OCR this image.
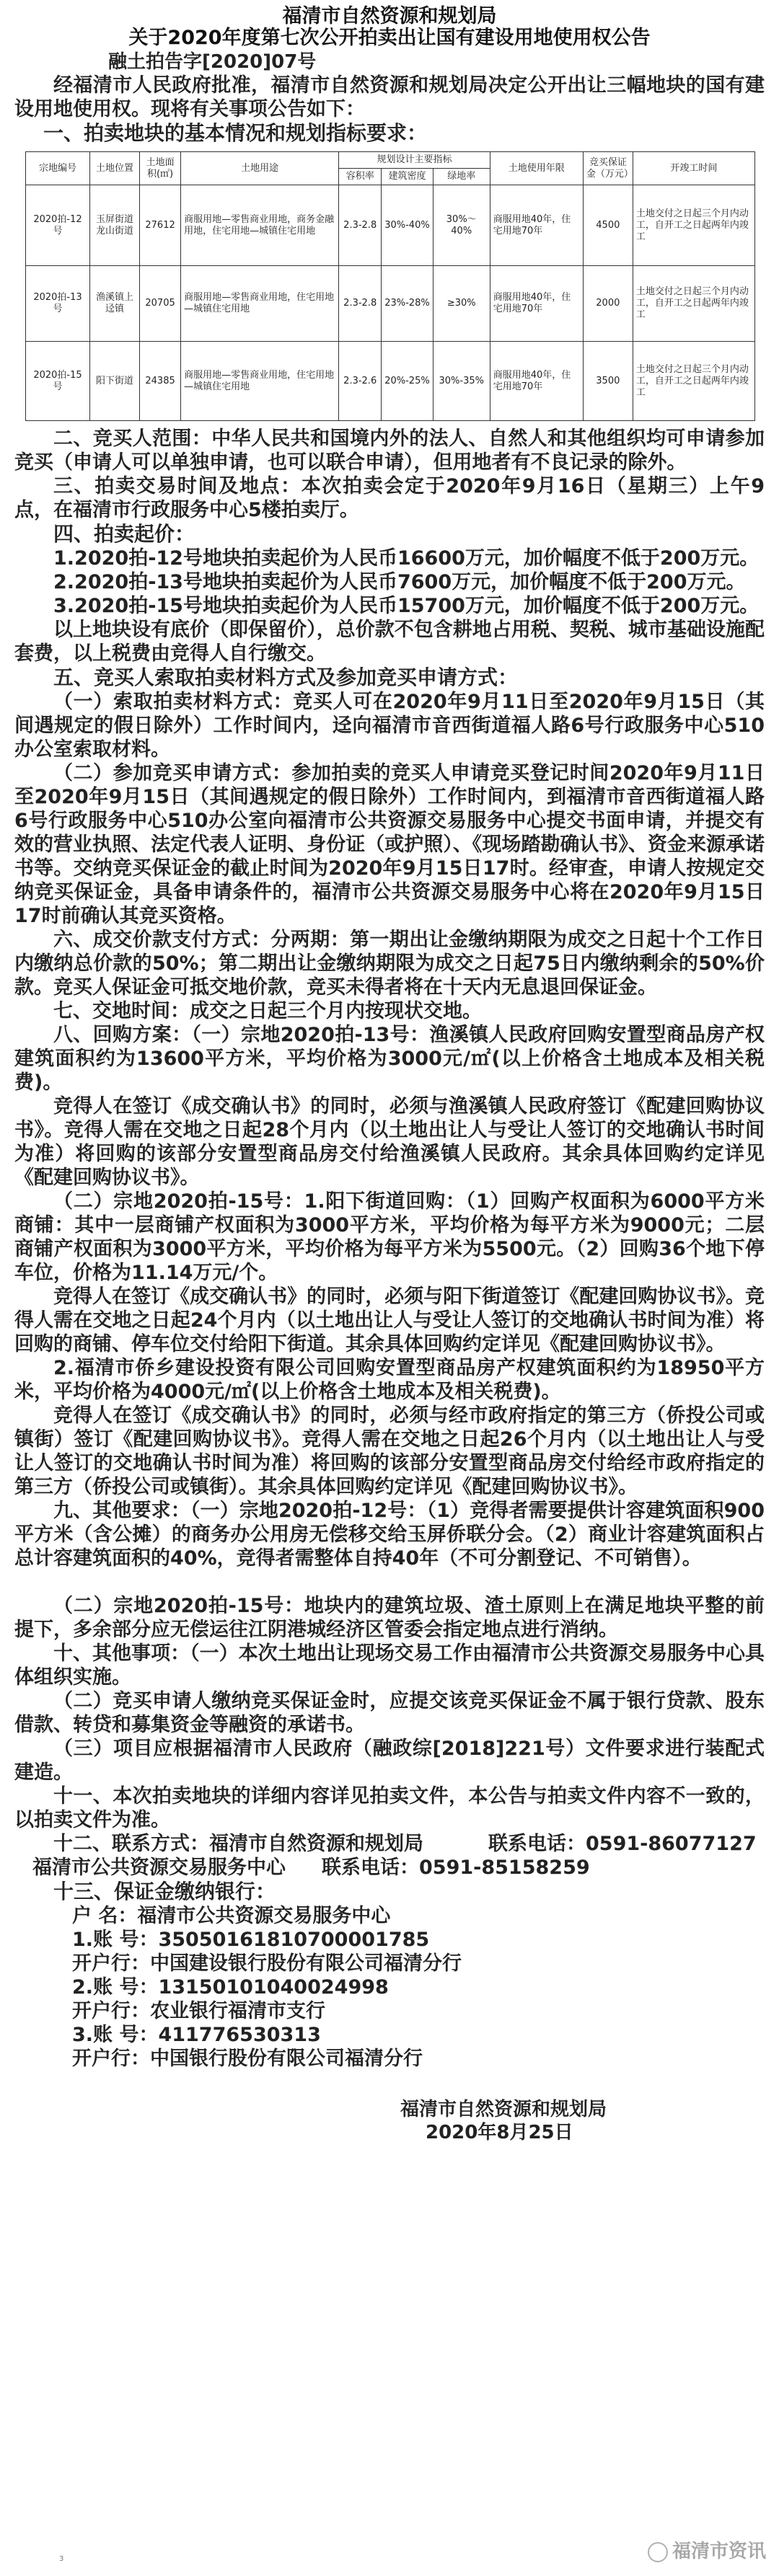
福清市自然资源和规划局
关于2020年度第七次公开拍卖出让国有建设用地使用权公告
融土拍告字[2020]07号
经福清市人民政府批准，福清市自然资源和规划局决定公开出让三幅地块的国有建设用地使用权。现将有关事项公告如下：
一、拍卖地块的基本情况和规划指标要求：
宗地编号	土地位置	土地面积(㎡)	土地用途	规划设计主要指标			土地使用年限	竞买保证金（万元）	开竣工时间
				容积率	建筑密度	绿地率			
2020拍-12号	玉屏街道龙山街道	27612	商服用地—零售商业用地，商务金融用地，住宅用地—城镇住宅用地	2.3-2.8	30%-40%	30%～40%	商服用地40年，住宅用地70年	4500	土地交付之日起三个月内动工，自开工之日起两年内竣工
2020拍-13号	渔溪镇上迳镇	20705	商服用地—零售商业用地，住宅用地—城镇住宅用地	2.3-2.8	23%-28%	≥30%	商服用地40年，住宅用地70年	2000	土地交付之日起三个月内动工，自开工之日起两年内竣工
2020拍-15号	阳下街道	24385	商服用地—零售商业用地，住宅用地—城镇住宅用地	2.3-2.6	20%-25%	30%-35%	商服用地40年，住宅用地70年	3500	土地交付之日起三个月内动工，自开工之日起两年内竣工
二、竞买人范围：中华人民共和国境内外的法人、自然人和其他组织均可申请参加竞买（申请人可以单独申请，也可以联合申请），但用地者有不良记录的除外。
三、拍卖交易时间及地点：本次拍卖会定于2020年9月16日（星期三）上午9点，在福清市行政服务中心5楼拍卖厅。
四、拍卖起价：
1.2020拍-12号地块拍卖起价为人民币16600万元，加价幅度不低于200万元。
2.2020拍-13号地块拍卖起价为人民币7600万元，加价幅度不低于200万元。
3.2020拍-15号地块拍卖起价为人民币15700万元，加价幅度不低于200万元。
以上地块设有底价（即保留价），总价款不包含耕地占用税、契税、城市基础设施配套费，以上税费由竞得人自行缴交。
五、竞买人索取拍卖材料方式及参加竞买申请方式：
（一）索取拍卖材料方式：竞买人可在2020年9月11日至2020年9月15日（其间遇规定的假日除外）工作时间内，迳向福清市音西街道福人路6号行政服务中心510办公室索取材料。
（二）参加竞买申请方式：参加拍卖的竞买人申请竞买登记时间2020年9月11日至2020年9月15日（其间遇规定的假日除外）工作时间内，到福清市音西街道福人路6号行政服务中心510办公室向福清市公共资源交易服务中心提交书面申请，并提交有效的营业执照、法定代表人证明、身份证（或护照）、《现场踏勘确认书》、资金来源承诺书等。交纳竞买保证金的截止时间为2020年9月15日17时。经审查，申请人按规定交纳竞买保证金，具备申请条件的，福清市公共资源交易服务中心将在2020年9月15日17时前确认其竞买资格。
六、成交价款支付方式：分两期：第一期出让金缴纳期限为成交之日起十个工作日内缴纳总价款的50%；第二期出让金缴纳期限为成交之日起75日内缴纳剩余的50%价款。竞买人保证金可抵交地价款，竞买未得者将在十天内无息退回保证金。
七、交地时间：成交之日起三个月内按现状交地。
八、回购方案：（一）宗地2020拍-13号：渔溪镇人民政府回购安置型商品房产权建筑面积约为13600平方米，平均价格为3000元/㎡(以上价格含土地成本及相关税费)。
竞得人在签订《成交确认书》的同时，必须与渔溪镇人民政府签订《配建回购协议书》。竞得人需在交地之日起28个月内（以土地出让人与受让人签订的交地确认书时间为准）将回购的该部分安置型商品房交付给渔溪镇人民政府。其余具体回购约定详见《配建回购协议书》。
（二）宗地2020拍-15号：1.阳下街道回购：（1）回购产权面积为6000平方米商铺：其中一层商铺产权面积为3000平方米，平均价格为每平方米为9000元；二层商铺产权面积为3000平方米，平均价格为每平方米为5500元。（2）回购36个地下停车位，价格为11.14万元/个。
竞得人在签订《成交确认书》的同时，必须与阳下街道签订《配建回购协议书》。竞得人需在交地之日起24个月内（以土地出让人与受让人签订的交地确认书时间为准）将回购的商铺、停车位交付给阳下街道。其余具体回购约定详见《配建回购协议书》。
2.福清市侨乡建设投资有限公司回购安置型商品房产权建筑面积约为18950平方米，平均价格为4000元/㎡(以上价格含土地成本及相关税费)。
竞得人在签订《成交确认书》的同时，必须与经市政府指定的第三方（侨投公司或镇街）签订《配建回购协议书》。竞得人需在交地之日起26个月内（以土地出让人与受让人签订的交地确认书时间为准）将回购的该部分安置型商品房交付给经市政府指定的第三方（侨投公司或镇街）。其余具体回购约定详见《配建回购协议书》。
九、其他要求：（一）宗地2020拍-12号：（1）竞得者需要提供计容建筑面积900平方米（含公摊）的商务办公用房无偿移交给玉屏侨联分会。（2）商业计容建筑面积占总计容建筑面积的40%，竞得者需整体自持40年（不可分割登记、不可销售）。
（二）宗地2020拍-15号：地块内的建筑垃圾、渣土原则上在满足地块平整的前提下，多余部分应无偿运往江阴港城经济区管委会指定地点进行消纳。
十、其他事项：（一）本次土地出让现场交易工作由福清市公共资源交易服务中心具体组织实施。
（二）竞买申请人缴纳竞买保证金时，应提交该竞买保证金不属于银行贷款、股东借款、转贷和募集资金等融资的承诺书。
（三）项目应根据福清市人民政府（融政综[2018]221号）文件要求进行装配式建造。
十一、本次拍卖地块的详细内容详见拍卖文件，本公告与拍卖文件内容不一致的，以拍卖文件为准。
十二、联系方式：福清市自然资源和规划局	联系电话：0591-86077127
福清市公共资源交易服务中心 联系电话：0591-85158259
十三、保证金缴纳银行：
户 名：福清市公共资源交易服务中心
1.账 号：35050161810700001785
开户行：中国建设银行股份有限公司福清分行
2.账 号：13150101040024998
开户行：农业银行福清市支行
3.账 号：411776530313
开户行：中国银行股份有限公司福清分行
福清市自然资源和规划局
2020年8月25日
3	福清市资讯
